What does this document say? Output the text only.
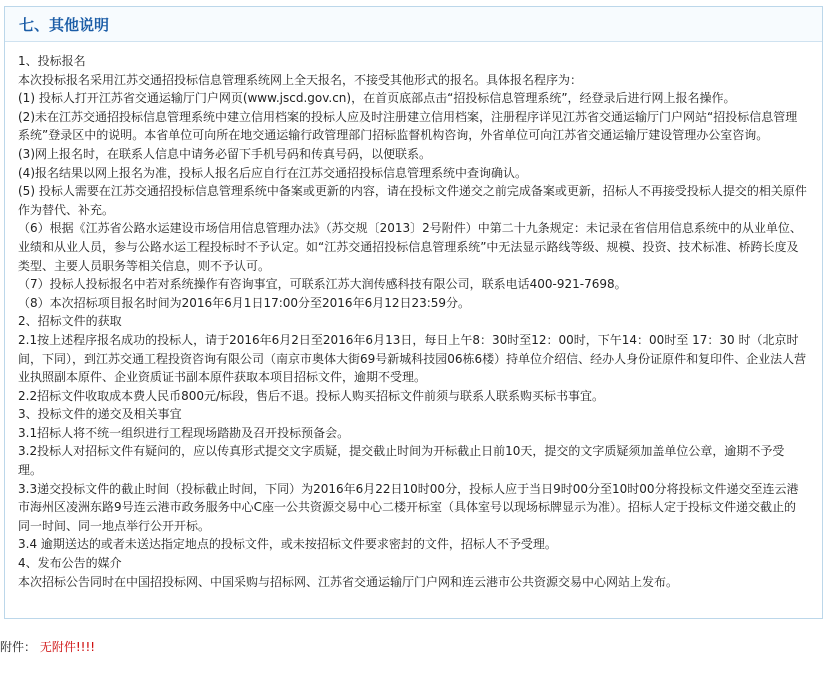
七、其他说明

1、投标报名

本次投标报名采用江苏交通招投标信息管理系统网上全天报名，不接受其他形式的报名。具体报名程序为：

(1) 投标人打开江苏省交通运输厅门户网页(www.jscd.gov.cn)，在首页底部点击“招投标信息管理系统”，经登录后进行网上报名操作。

(2)未在江苏交通招投标信息管理系统中建立信用档案的投标人应及时注册建立信用档案，注册程序详见江苏省交通运输厅门户网站“招投标信息管理系统”登录区中的说明。本省单位可向所在地交通运输行政管理部门招标监督机构咨询，外省单位可向江苏省交通运输厅建设管理办公室咨询。

(3)网上报名时，在联系人信息中请务必留下手机号码和传真号码，以便联系。

(4)报名结果以网上报名为准，投标人报名后应自行在江苏交通招投标信息管理系统中查询确认。

(5) 投标人需要在江苏交通招投标信息管理系统中备案或更新的内容，请在投标文件递交之前完成备案或更新，招标人不再接受投标人提交的相关原件作为替代、补充。

（6）根据《江苏省公路水运建设市场信用信息管理办法》（苏交规〔2013〕2号附件）中第二十九条规定：未记录在省信用信息系统中的从业单位、业绩和从业人员，参与公路水运工程投标时不予认定。如“江苏交通招投标信息管理系统”中无法显示路线等级、规模、投资、技术标准、桥跨长度及类型、主要人员职务等相关信息，则不予认可。

（7）投标人投标报名中若对系统操作有咨询事宜，可联系江苏大润传感科技有限公司，联系电话400-921-7698。

（8）本次招标项目报名时间为2016年6月1日17:00分至2016年6月12日23:59分。

2、招标文件的获取

2.1按上述程序报名成功的投标人，请于2016年6月2日至2016年6月13日，每日上午8：30时至12：00时，下午14：00时至 17：30 时（北京时间，下同），到江苏交通工程投资咨询有限公司（南京市奥体大街69号新城科技园06栋6楼）持单位介绍信、经办人身份证原件和复印件、企业法人营业执照副本原件、企业资质证书副本原件获取本项目招标文件，逾期不受理。

2.2招标文件收取成本费人民币800元/标段，售后不退。投标人购买招标文件前须与联系人联系购买标书事宜。

3、投标文件的递交及相关事宜

3.1招标人将不统一组织进行工程现场踏勘及召开投标预备会。

3.2投标人对招标文件有疑问的，应以传真形式提交文字质疑，提交截止时间为开标截止日前10天，提交的文字质疑须加盖单位公章，逾期不予受理。

3.3递交投标文件的截止时间（投标截止时间，下同）为2016年6月22日10时00分，投标人应于当日9时00分至10时00分将投标文件递交至连云港市海州区凌洲东路9号连云港市政务服务中心C座一公共资源交易中心二楼开标室（具体室号以现场标牌显示为准）。招标人定于投标文件递交截止的同一时间、同一地点举行公开开标。

3.4 逾期送达的或者未送达指定地点的投标文件，或未按招标文件要求密封的文件，招标人不予受理。

4、发布公告的媒介

本次招标公告同时在中国招投标网、中国采购与招标网、江苏省交通运输厅门户网和连云港市公共资源交易中心网站上发布。

附件： 无附件!!!!
